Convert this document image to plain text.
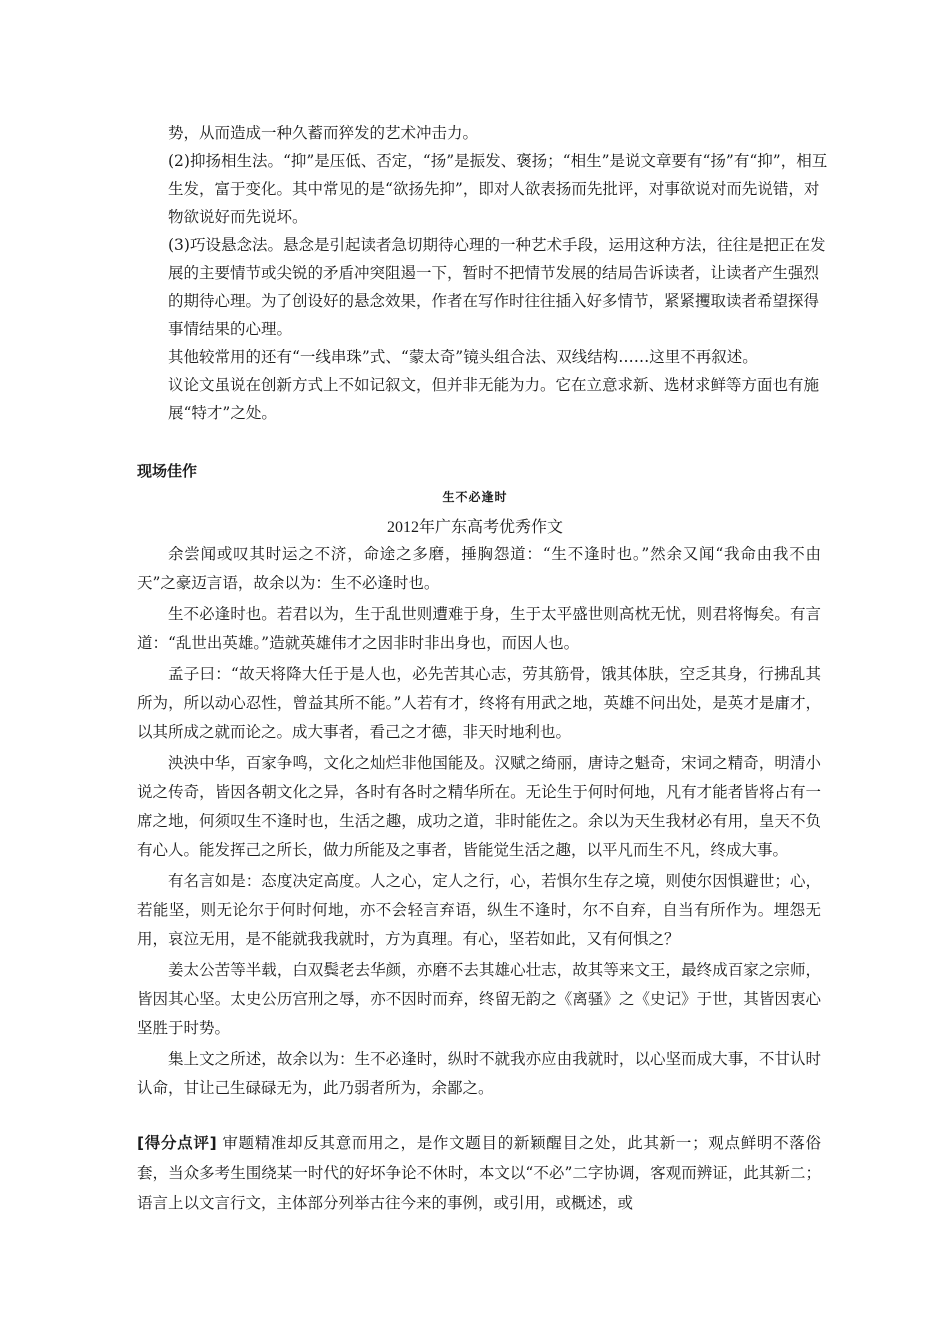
势，从而造成一种久蓄而猝发的艺术冲击力。

(2)抑扬相生法。“抑”是压低、否定，“扬”是振发、褒扬；“相生”是说文章要有“扬”有“抑”，相互生发，富于变化。其中常见的是“欲扬先抑”，即对人欲表扬而先批评，对事欲说对而先说错，对物欲说好而先说坏。

(3)巧设悬念法。悬念是引起读者急切期待心理的一种艺术手段，运用这种方法，往往是把正在发展的主要情节或尖锐的矛盾冲突阻遏一下，暂时不把情节发展的结局告诉读者，让读者产生强烈的期待心理。为了创设好的悬念效果，作者在写作时往往插入好多情节，紧紧攫取读者希望探得事情结果的心理。

其他较常用的还有“一线串珠”式、“蒙太奇”镜头组合法、双线结构……这里不再叙述。

议论文虽说在创新方式上不如记叙文，但并非无能为力。它在立意求新、选材求鲜等方面也有施展“特才”之处。

现场佳作
生不必逢时
2012年广东高考优秀作文

余尝闻或叹其时运之不济，命途之多磨，捶胸怨道：“生不逢时也。”然余又闻“我命由我不由天”之豪迈言语，故余以为：生不必逢时也。

生不必逢时也。若君以为，生于乱世则遭难于身，生于太平盛世则高枕无忧，则君将悔矣。有言道：“乱世出英雄。”造就英雄伟才之因非时非出身也，而因人也。

孟子曰：“故天将降大任于是人也，必先苦其心志，劳其筋骨，饿其体肤，空乏其身，行拂乱其所为，所以动心忍性，曾益其所不能。”人若有才，终将有用武之地，英雄不问出处，是英才是庸才，以其所成之就而论之。成大事者，看己之才德，非天时地利也。

泱泱中华，百家争鸣，文化之灿烂非他国能及。汉赋之绮丽，唐诗之魁奇，宋词之精奇，明清小说之传奇，皆因各朝文化之异，各时有各时之精华所在。无论生于何时何地，凡有才能者皆将占有一席之地，何须叹生不逢时也，生活之趣，成功之道，非时能佐之。余以为天生我材必有用，皇天不负有心人。能发挥己之所长，做力所能及之事者，皆能觉生活之趣，以平凡而生不凡，终成大事。

有名言如是：态度决定高度。人之心，定人之行，心，若惧尔生存之境，则使尔因惧避世；心，若能坚，则无论尔于何时何地，亦不会轻言弃语，纵生不逢时，尔不自弃，自当有所作为。埋怨无用，哀泣无用，是不能就我我就时，方为真理。有心，坚若如此，又有何惧之？

姜太公苦等半载，白双鬓老去华颜，亦磨不去其雄心壮志，故其等来文王，最终成百家之宗师，皆因其心坚。太史公历宫刑之辱，亦不因时而弃，终留无韵之《离骚》之《史记》于世，其皆因衷心坚胜于时势。

集上文之所述，故余以为：生不必逢时，纵时不就我亦应由我就时，以心坚而成大事，不甘认时认命，甘让己生碌碌无为，此乃弱者所为，余鄙之。

[得分点评] 审题精准却反其意而用之，是作文题目的新颖醒目之处，此其新一；观点鲜明不落俗套，当众多考生围绕某一时代的好坏争论不休时，本文以“不必”二字协调，客观而辨证，此其新二；语言上以文言行文，主体部分列举古往今来的事例，或引用，或概述，或
